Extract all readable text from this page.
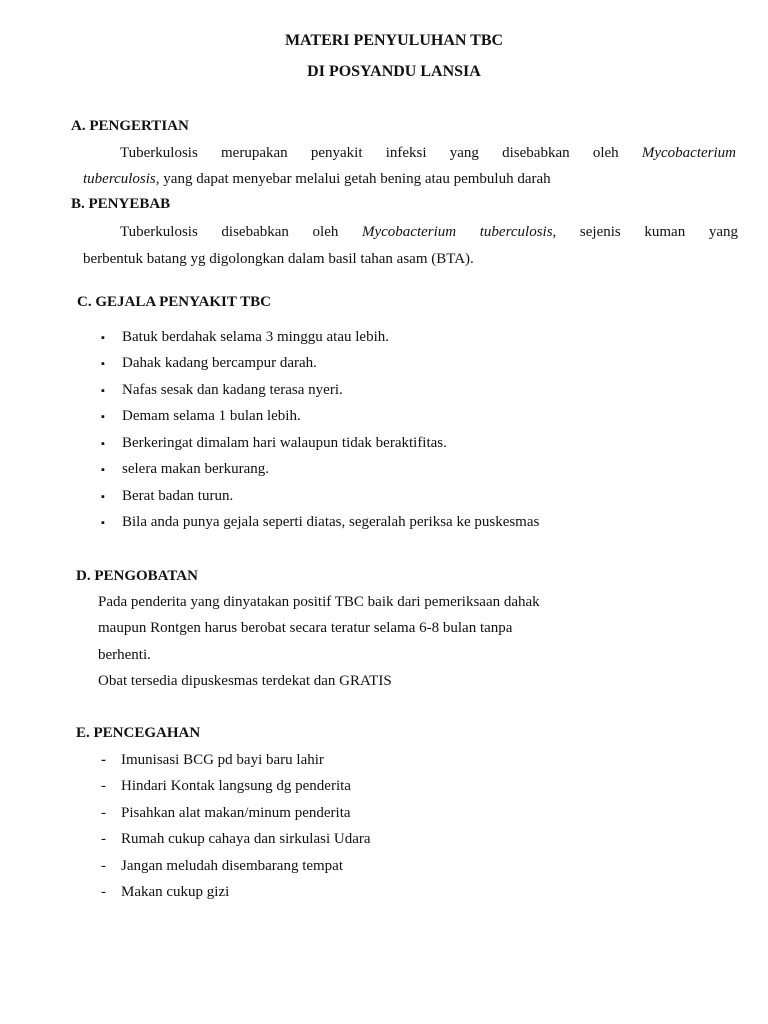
MATERI PENYULUHAN TBC
DI POSYANDU LANSIA
A. PENGERTIAN
Tuberkulosis merupakan penyakit infeksi yang disebabkan oleh Mycobacterium
tuberculosis, yang dapat menyebar melalui getah bening atau pembuluh darah
B. PENYEBAB
Tuberkulosis disebabkan oleh Mycobacterium tuberculosis, sejenis kuman yang
berbentuk batang yg digolongkan dalam basil tahan asam (BTA).
C. GEJALA PENYAKIT TBC
▪ Batuk berdahak selama 3 minggu atau lebih.
▪ Dahak kadang bercampur darah.
▪ Nafas sesak dan kadang terasa nyeri.
▪ Demam selama 1 bulan lebih.
▪ Berkeringat dimalam hari walaupun tidak beraktifitas.
▪ selera makan berkurang.
▪ Berat badan turun.
▪ Bila anda punya gejala seperti diatas, segeralah periksa ke puskesmas
D. PENGOBATAN
Pada penderita yang dinyatakan positif TBC baik dari pemeriksaan dahak
maupun Rontgen harus berobat secara teratur selama 6-8 bulan tanpa
berhenti.
Obat tersedia dipuskesmas terdekat dan GRATIS
E. PENCEGAHAN
- Imunisasi BCG pd bayi baru lahir
- Hindari Kontak langsung dg penderita
- Pisahkan alat makan/minum penderita
- Rumah cukup cahaya dan sirkulasi Udara
- Jangan meludah disembarang tempat
- Makan cukup gizi
